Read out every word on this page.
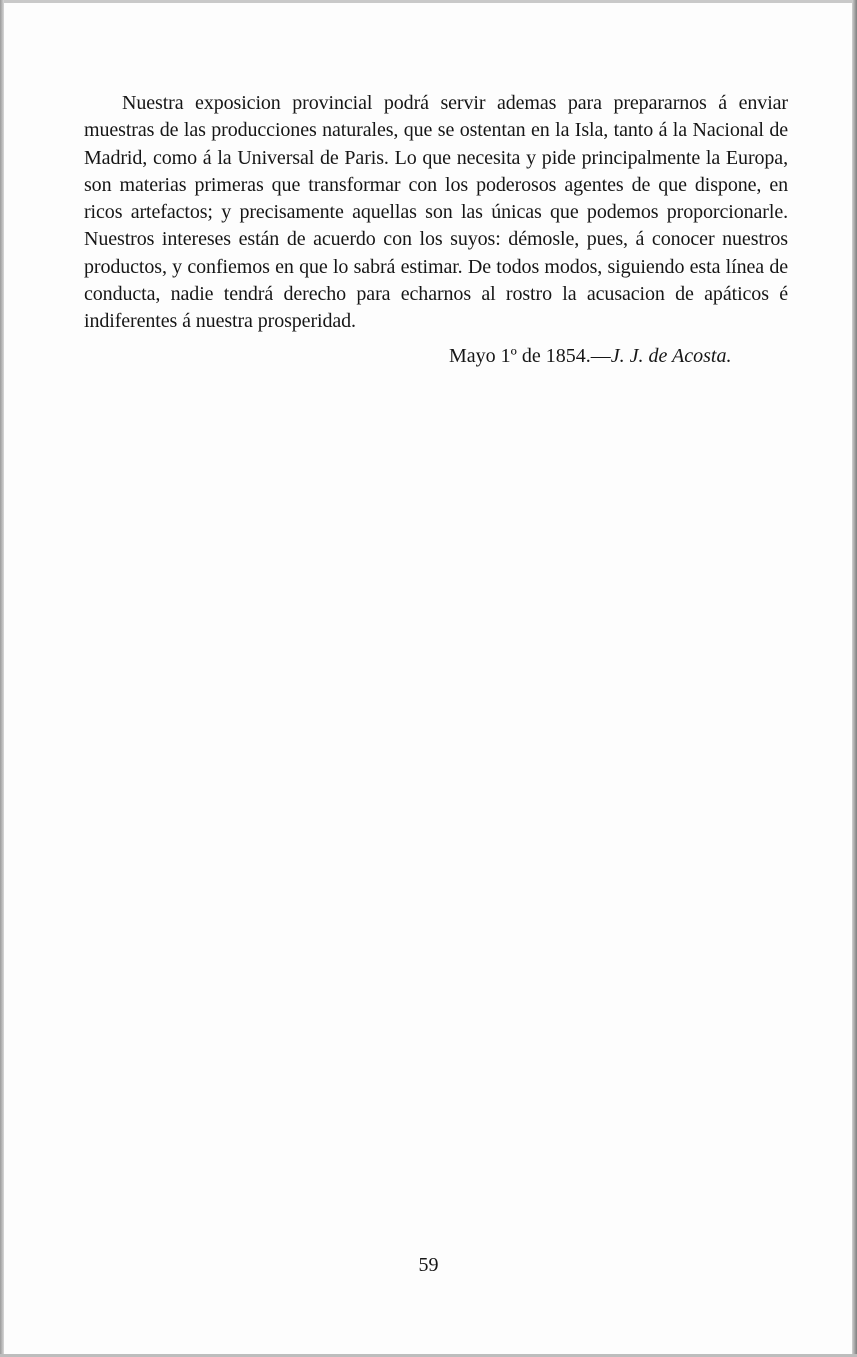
Nuestra exposicion provincial podrá servir ademas para prepararnos á enviar muestras de las producciones naturales, que se ostentan en la Isla, tanto á la Nacional de Madrid, como á la Universal de Paris. Lo que necesita y pide principalmente la Europa, son materias primeras que transformar con los poderosos agentes de que dispone, en ricos artefactos; y precisamente aquellas son las únicas que podemos proporcionarle. Nuestros intereses están de acuerdo con los suyos: démosle, pues, á conocer nuestros productos, y confiemos en que lo sabrá estimar. De todos modos, siguiendo esta línea de conducta, nadie tendrá derecho para echarnos al rostro la acusacion de apáticos é indiferentes á nuestra prosperidad.

Mayo 1º de 1854.—J. J. de Acosta.
59
